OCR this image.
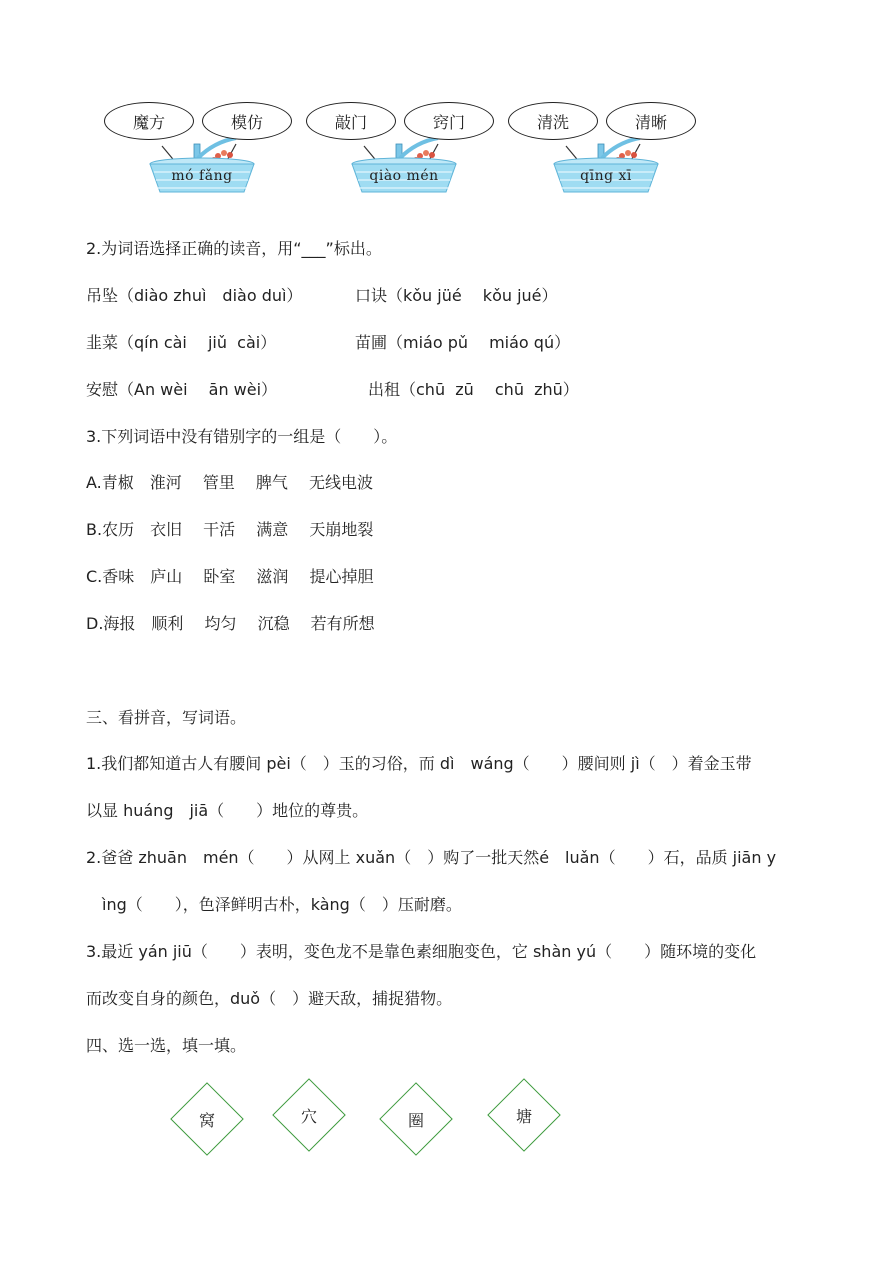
魔方	模仿
mó fǎng
敲门	窍门
qiào mén
清洗	清晰
qīng xī
2.为词语选择正确的读音，用“___”标出。
吊坠（diào zhuì　diào duì）	口诀（kǒu jüé　 kǒu jué）
韭菜（qín cài　 jiǔ  cài）	苗圃（miáo pǔ　 miáo qú）
安慰（An wèi　 ān wèi）	出租（chū  zū　 chū  zhū）
3.下列词语中没有错别字的一组是（　　）。
A.青椒　淮河　 管里　 脾气　 无线电波
B.农历　衣旧　 干活　 满意　 天崩地裂
C.香味　庐山　 卧室　 滋润　 提心掉胆
D.海报　顺利　 均匀　 沉稳　 若有所想
三、看拼音，写词语。
1.我们都知道古人有腰间 pèi（　）玉的习俗，而 dì　wáng（　　）腰间则 jì（　）着金玉带
以显 huáng　jiā（　　）地位的尊贵。
2.爸爸 zhuān　mén（　　）从网上 xuǎn（　）购了一批天然é　luǎn（　　）石，品质 jiān y
　ìng（　　），色泽鲜明古朴，kàng（　）压耐磨。
3.最近 yán jiū（　　）表明，变色龙不是靠色素细胞变色，它 shàn yú（　　）随环境的变化
而改变自身的颜色，duǒ（　）避天敌，捕捉猎物。
四、选一选，填一填。
窝	穴	圈	塘
